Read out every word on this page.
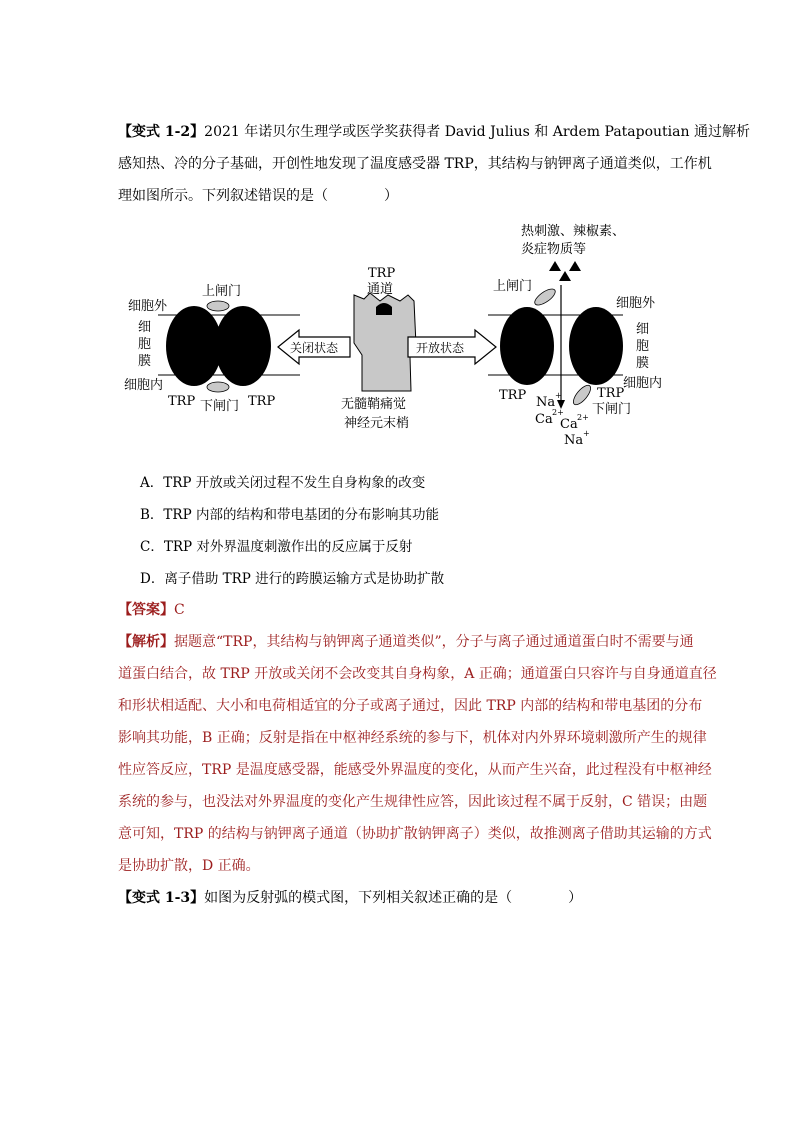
【变式 1-2】2021 年诺贝尔生理学或医学奖获得者 David Julius 和 Ardem Patapoutian 通过解析
感知热、冷的分子基础，开创性地发现了温度感受器 TRP，其结构与钠钾离子通道类似，工作机
理如图所示。下列叙述错误的是（　　　　）
上闸门
细胞外
细
胞
膜
细胞内
TRP 下闸门 TRP
关闭状态
TRP
通道
无髓鞘痛觉
神经元末梢
开放状态
热刺激、辣椒素、
炎症物质等
上闸门
细胞外
细
胞
膜
细胞内
TRP	TRP
下闸门
Na +
Ca 2+
Ca 2+
Na +
A．TRP 开放或关闭过程不发生自身构象的改变
B．TRP 内部的结构和带电基团的分布影响其功能
C．TRP 对外界温度刺激作出的反应属于反射
D．离子借助 TRP 进行的跨膜运输方式是协助扩散
【答案】C
【解析】据题意“TRP，其结构与钠钾离子通道类似”，分子与离子通过通道蛋白时不需要与通
道蛋白结合，故 TRP 开放或关闭不会改变其自身构象，A 正确；通道蛋白只容许与自身通道直径
和形状相适配、大小和电荷相适宜的分子或离子通过，因此 TRP 内部的结构和带电基团的分布
影响其功能，B 正确；反射是指在中枢神经系统的参与下，机体对内外界环境刺激所产生的规律
性应答反应，TRP 是温度感受器，能感受外界温度的变化，从而产生兴奋，此过程没有中枢神经
系统的参与，也没法对外界温度的变化产生规律性应答，因此该过程不属于反射，C 错误；由题
意可知，TRP 的结构与钠钾离子通道（协助扩散钠钾离子）类似，故推测离子借助其运输的方式
是协助扩散，D 正确。
【变式 1-3】如图为反射弧的模式图，下列相关叙述正确的是（　　　　）
